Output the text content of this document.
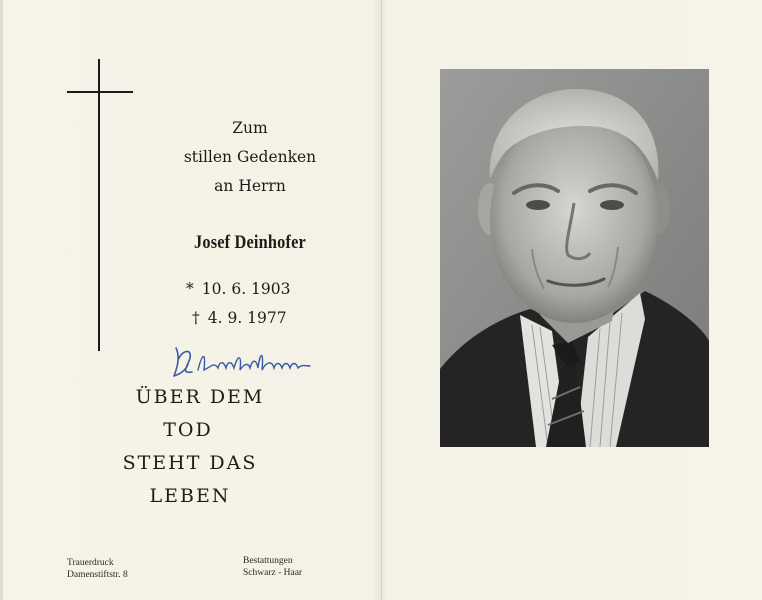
Zum
stillen Gedenken
an Herrn
Josef Deinhofer
* 10. 6. 1903
† 4. 9. 1977
ÜBER DEM
TOD
STEHT DAS
LEBEN
Trauerdruck
Damenstiftstr. 8
Bestattungen
Schwarz - Haar
